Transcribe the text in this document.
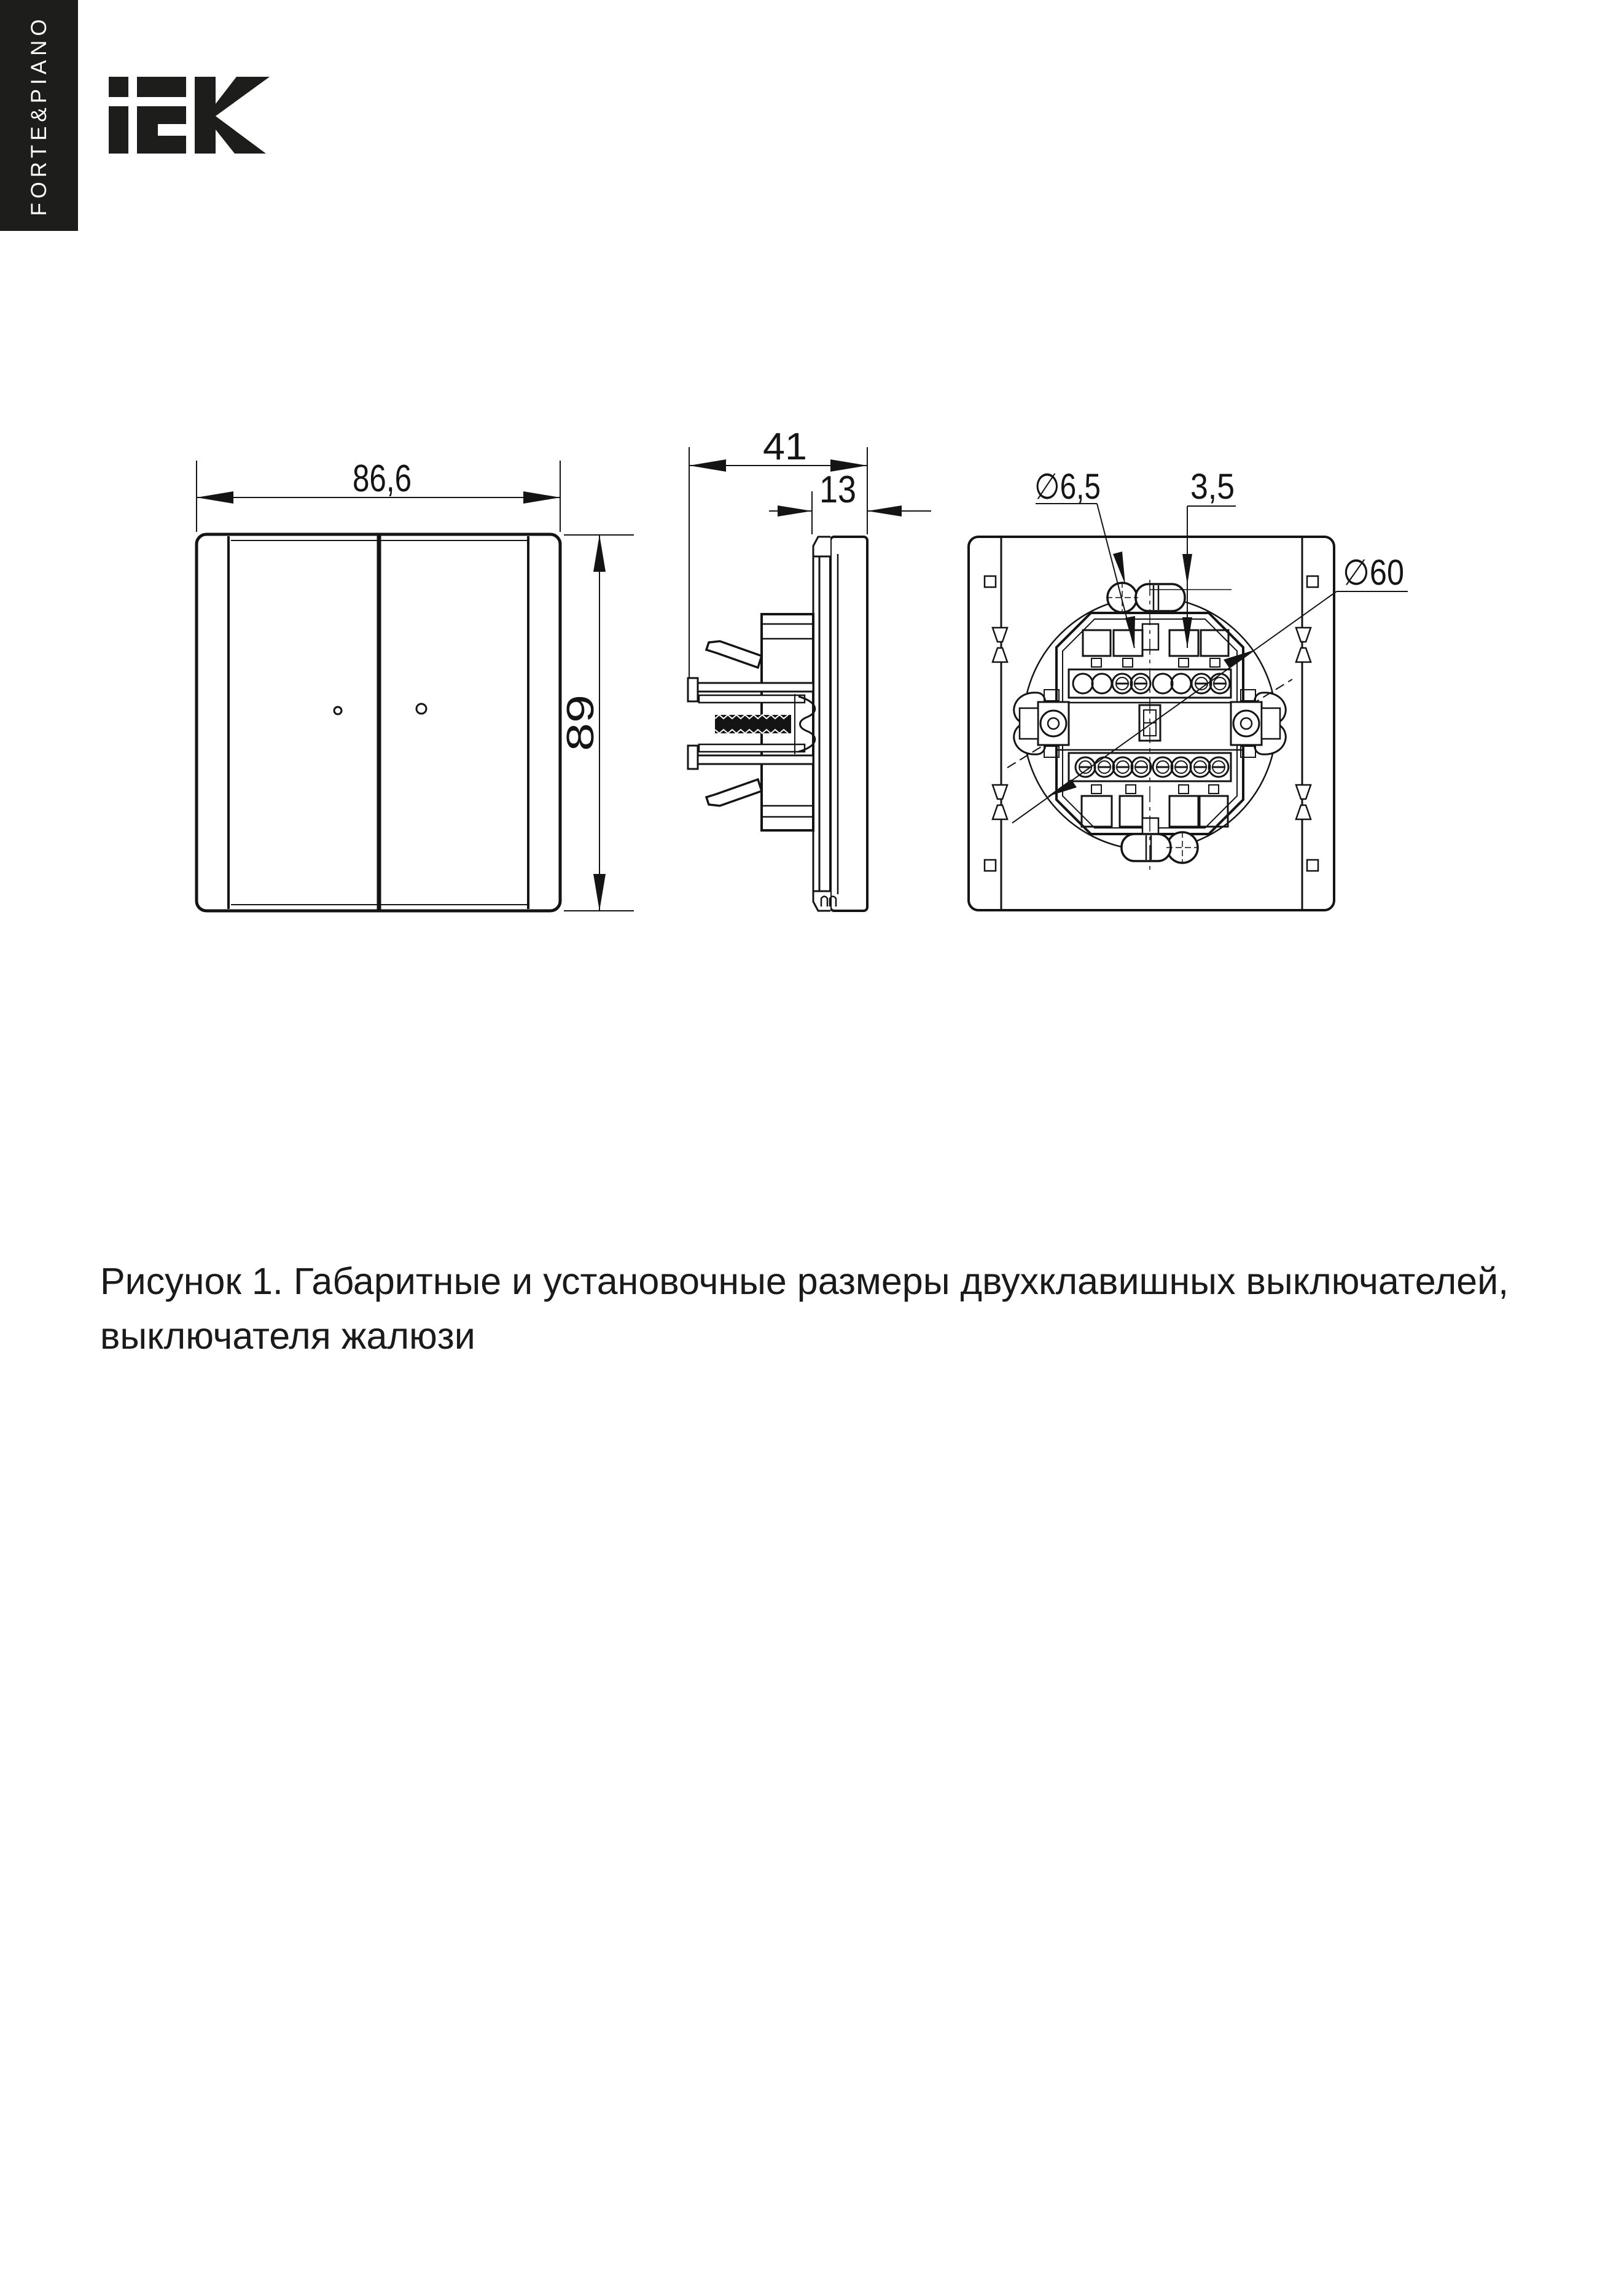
FORTE&PIANO
86,6
89
41
13	∅6,5	3,5
∅60
Рисунок 1. Габаритные и установочные размеры двухклавишных выключателей,
выключателя жалюзи
